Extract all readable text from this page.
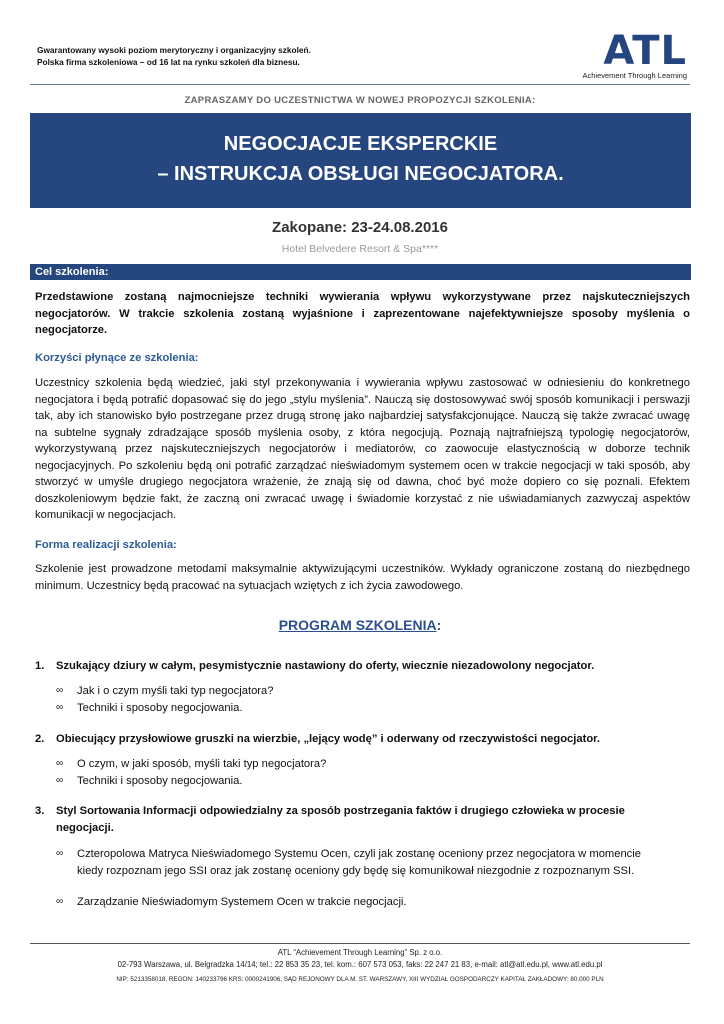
Gwarantowany wysoki poziom merytoryczny i organizacyjny szkoleń.
Polska firma szkoleniowa – od 16 lat na rynku szkoleń dla biznesu.	ATL
Achievement Through Learning
ZAPRASZAMY DO UCZESTNICTWA W NOWEJ PROPOZYCJI SZKOLENIA:
NEGOCJACJE EKSPERCKIE
– INSTRUKCJA OBSŁUGI NEGOCJATORA.
Zakopane: 23-24.08.2016
Hotel Belvedere Resort & Spa****
Cel szkolenia:

Przedstawione zostaną najmocniejsze techniki wywierania wpływu wykorzystywane przez najskuteczniejszych negocjatorów. W trakcie szkolenia zostaną wyjaśnione i zaprezentowane najefektywniejsze sposoby myślenia o negocjatorze.

Korzyści płynące ze szkolenia:

Uczestnicy szkolenia będą wiedzieć, jaki styl przekonywania i wywierania wpływu zastosować w odniesieniu do konkretnego negocjatora i będą potrafić dopasować się do jego „stylu myślenia”. Nauczą się dostosowywać swój sposób komunikacji i perswazji tak, aby ich stanowisko było postrzegane przez drugą stronę jako najbardziej satysfakcjonujące. Nauczą się także zwracać uwagę na subtelne sygnały zdradzające sposób myślenia osoby, z która negocjują. Poznają najtrafniejszą typologię negocjatorów, wykorzystywaną przez najskuteczniejszych negocjatorów i mediatorów, co zaowocuje elastycznością w doborze technik negocjacyjnych. Po szkoleniu będą oni potrafić zarządzać nieświadomym systemem ocen w trakcie negocjacji w taki sposób, aby stworzyć w umyśle drugiego negocjatora wrażenie, że znają się od dawna, choć być może dopiero co się poznali. Efektem doszkoleniowym będzie fakt, że zaczną oni zwracać uwagę i świadomie korzystać z nie uświadamianych zazwyczaj aspektów komunikacji w negocjacjach.

Forma realizacji szkolenia:

Szkolenie jest prowadzone metodami maksymalnie aktywizującymi uczestników. Wykłady ograniczone zostaną do niezbędnego minimum. Uczestnicy będą pracować na sytuacjach wziętych z ich życia zawodowego.

PROGRAM SZKOLENIA:
1.	Szukający dziury w całym, pesymistycznie nastawiony do oferty, wiecznie niezadowolony negocjator.
∞	Jak i o czym myśli taki typ negocjatora?
∞	Techniki i sposoby negocjowania.
2.	Obiecujący przysłowiowe gruszki na wierzbie, „lejący wodę” i oderwany od rzeczywistości negocjator.
∞	O czym, w jaki sposób, myśli taki typ negocjatora?
∞	Techniki i sposoby negocjowania.
3.	Styl Sortowania Informacji odpowiedzialny za sposób postrzegania faktów i drugiego człowieka w procesie negocjacji.
∞	Czteropolowa Matryca Nieświadomego Systemu Ocen, czyli jak zostanę oceniony przez negocjatora w momencie kiedy rozpoznam jego SSI oraz jak zostanę oceniony gdy będę się komunikował niezgodnie z rozpoznanym SSI.
∞	Zarządzanie Nieświadomym Systemem Ocen w trakcie negocjacji.
ATL “Achievement Through Learning” Sp. z o.o.
02-793 Warszawa, ul. Belgradzka 14/14; tel.: 22 853 35 23, tel. kom.: 607 573 053, faks: 22 247 21 83, e-mail: atl@atl.edu.pl, www.atl.edu.pl
NIP: 5213358018, REGON: 140233796 KRS: 0000241906, SĄD REJONOWY DLA M. ST. WARSZAWY, XIII WYDZIAŁ GOSPODARCZY KAPITAŁ ZAKŁADOWY: 80.000 PLN
